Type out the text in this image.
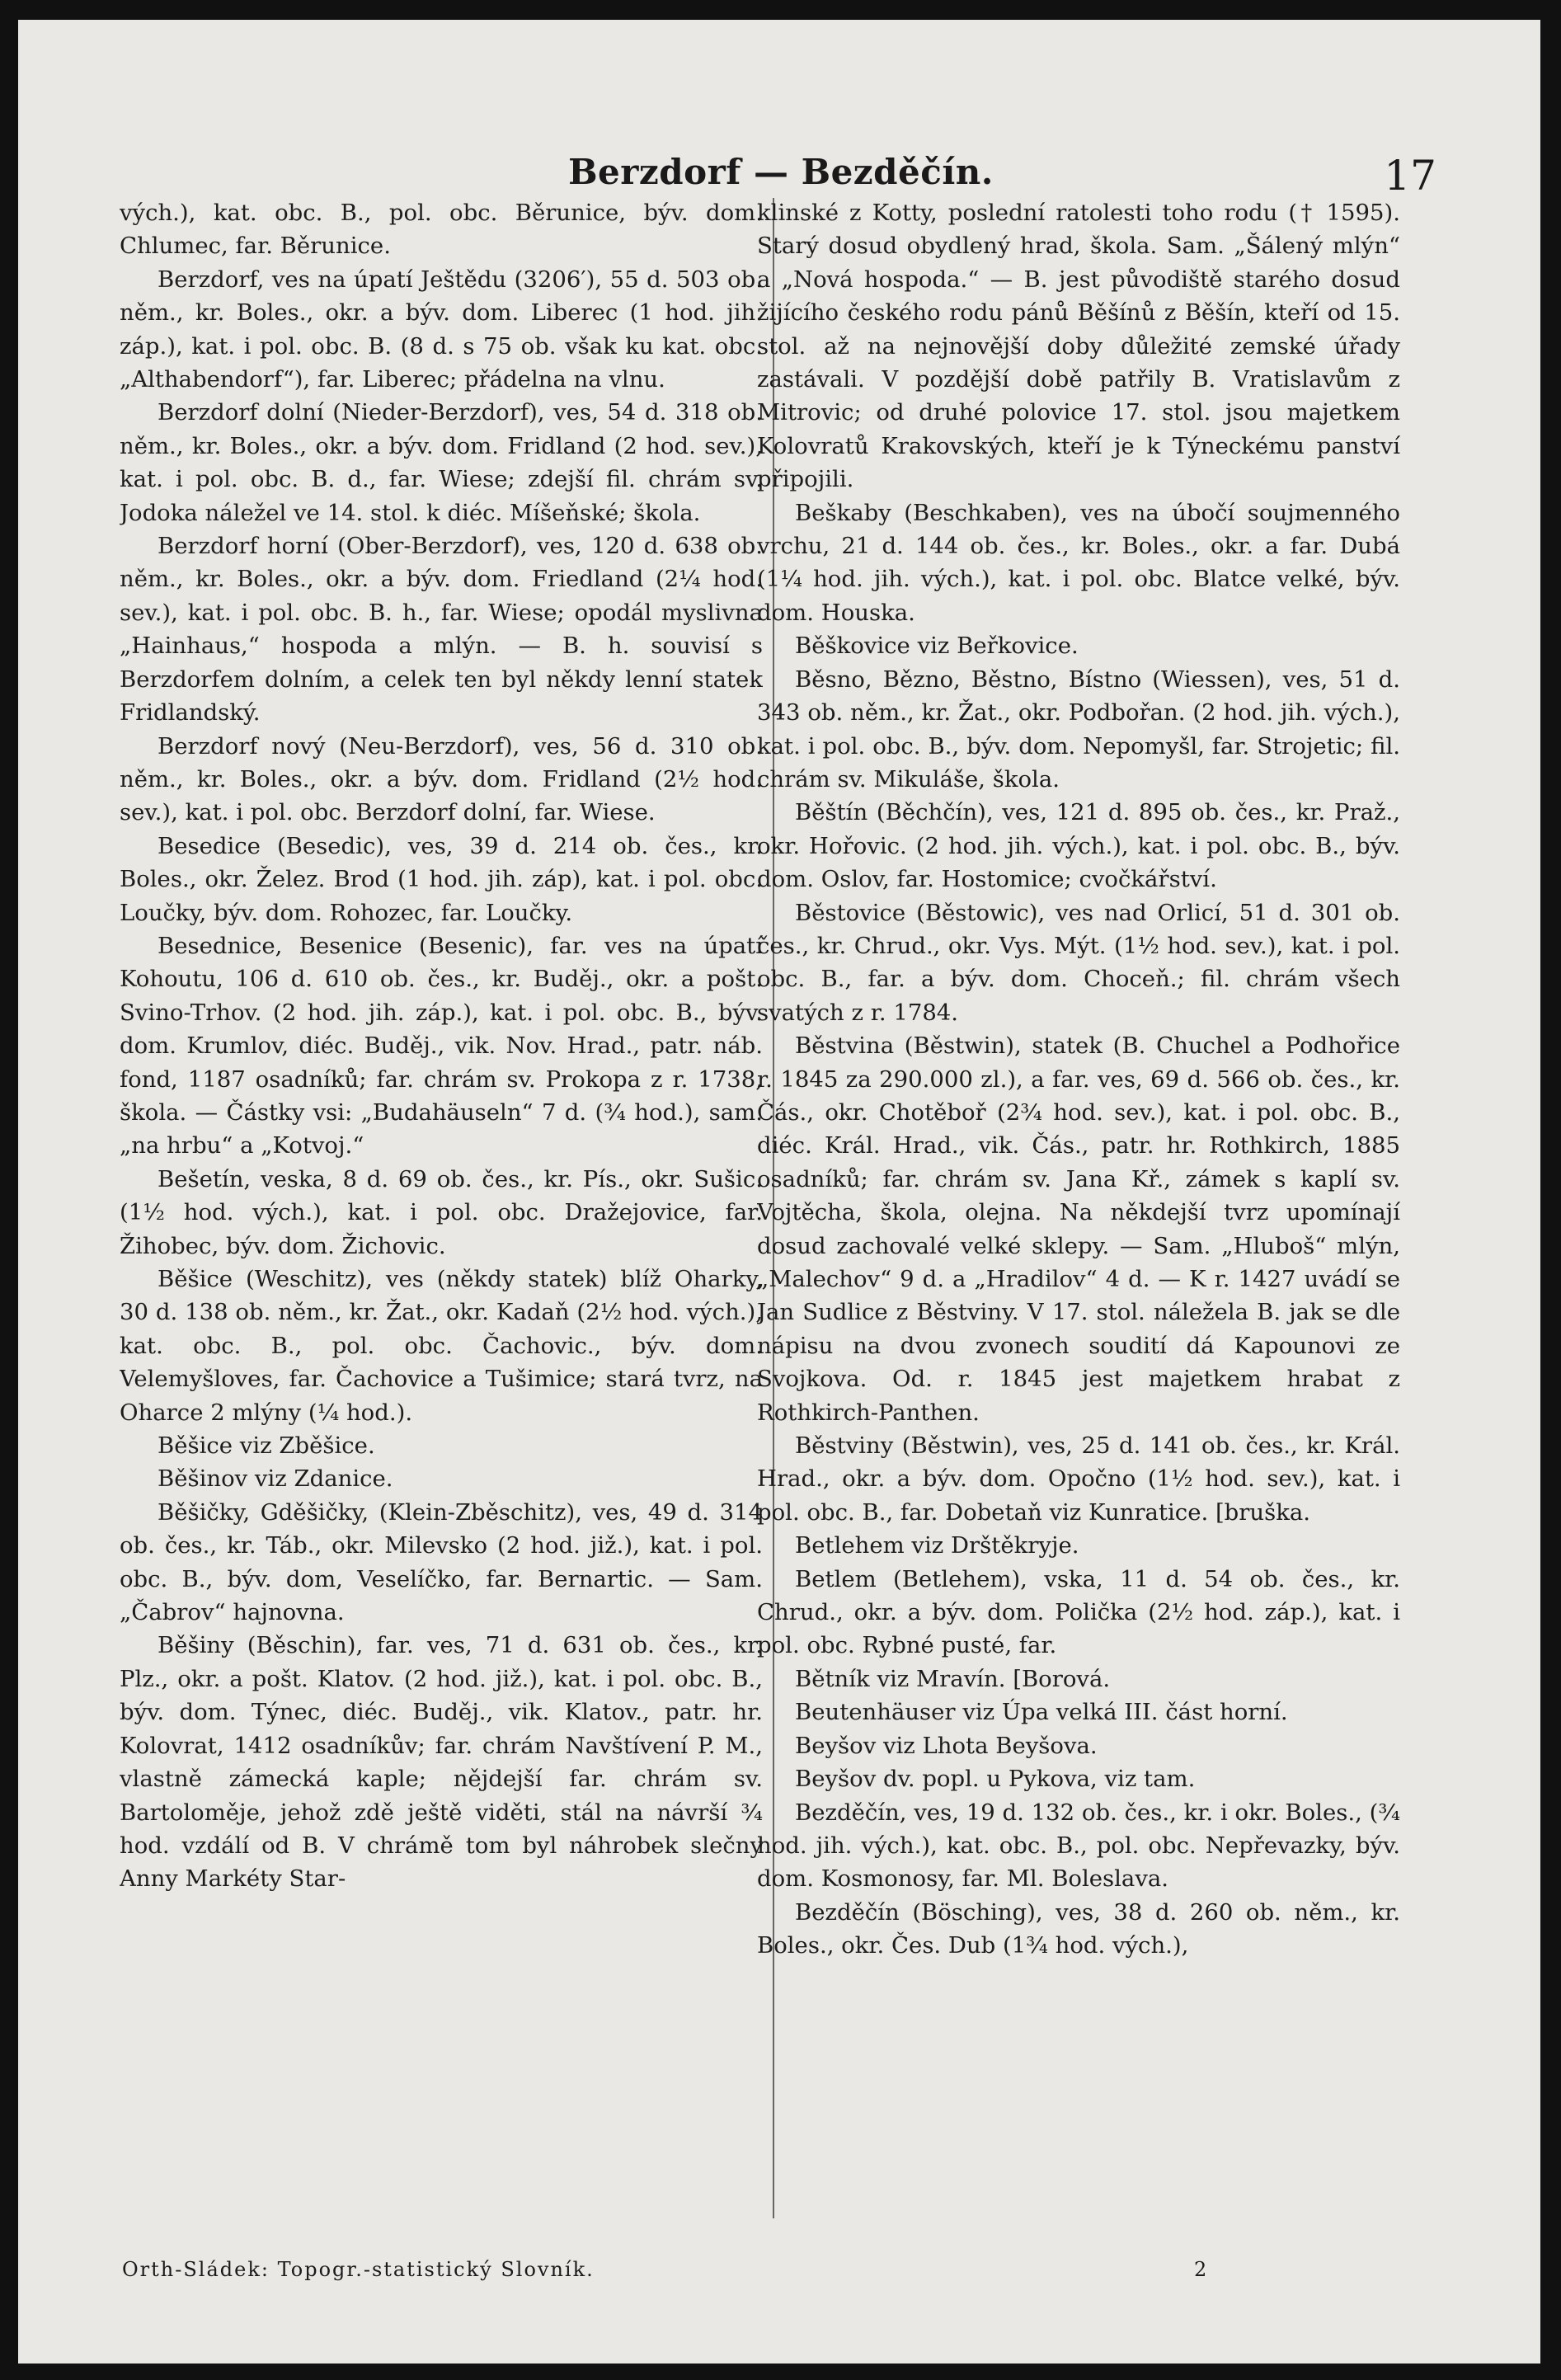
Berzdorf — Bezděčín.	17

vých.), kat. obc. B., pol. obc. Běrunice, býv. dom. Chlumec, far. Běrunice.

Berzdorf, ves na úpatí Ještědu (3206′), 55 d. 503 ob. něm., kr. Boles., okr. a býv. dom. Liberec (1 hod. jih. záp.), kat. i pol. obc. B. (8 d. s 75 ob. však ku kat. obc. „Althabendorf“), far. Liberec; přádelna na vlnu.

Berzdorf dolní (Nieder-Berzdorf), ves, 54 d. 318 ob. něm., kr. Boles., okr. a býv. dom. Fridland (2 hod. sev.), kat. i pol. obc. B. d., far. Wiese; zdejší fil. chrám sv. Jodoka náležel ve 14. stol. k diéc. Míšeňské; škola.

Berzdorf horní (Ober-Berzdorf), ves, 120 d. 638 ob. něm., kr. Boles., okr. a býv. dom. Friedland (2¼ hod. sev.), kat. i pol. obc. B. h., far. Wiese; opodál myslivna „Hainhaus,“ hospoda a mlýn. — B. h. souvisí s Berzdorfem dolním, a celek ten byl někdy lenní statek Fridlandský.

Berzdorf nový (Neu-Berzdorf), ves, 56 d. 310 ob. něm., kr. Boles., okr. a býv. dom. Fridland (2½ hod. sev.), kat. i pol. obc. Berzdorf dolní, far. Wiese.

Besedice (Besedic), ves, 39 d. 214 ob. čes., kr. Boles., okr. Želez. Brod (1 hod. jih. záp), kat. i pol. obc. Loučky, býv. dom. Rohozec, far. Loučky.

Besednice, Besenice (Besenic), far. ves na úpatí Kohoutu, 106 d. 610 ob. čes., kr. Buděj., okr. a pošt. Svino-Trhov. (2 hod. jih. záp.), kat. i pol. obc. B., býv. dom. Krumlov, diéc. Buděj., vik. Nov. Hrad., patr. náb. fond, 1187 osadníků; far. chrám sv. Prokopa z r. 1738, škola. — Částky vsi: „Budahäuseln“ 7 d. (¾ hod.), sam. „na hrbu“ a „Kotvoj.“

Bešetín, veska, 8 d. 69 ob. čes., kr. Pís., okr. Sušic. (1½ hod. vých.), kat. i pol. obc. Dražejovice, far. Žihobec, býv. dom. Žichovic.

Běšice (Weschitz), ves (někdy statek) blíž Oharky, 30 d. 138 ob. něm., kr. Žat., okr. Kadaň (2½ hod. vých.), kat. obc. B., pol. obc. Čachovic., býv. dom. Velemyšloves, far. Čachovice a Tušimice; stará tvrz, na Oharce 2 mlýny (¼ hod.).

Běšice viz Zběšice.

Běšinov viz Zdanice.

Běšičky, Gděšičky, (Klein-Zběschitz), ves, 49 d. 314 ob. čes., kr. Táb., okr. Milevsko (2 hod. již.), kat. i pol. obc. B., býv. dom, Veselíčko, far. Bernartic. — Sam. „Čabrov“ hajnovna.

Běšiny (Běschin), far. ves, 71 d. 631 ob. čes., kr. Plz., okr. a pošt. Klatov. (2 hod. již.), kat. i pol. obc. B., býv. dom. Týnec, diéc. Buděj., vik. Klatov., patr. hr. Kolovrat, 1412 osadníkův; far. chrám Navštívení P. M., vlastně zámecká kaple; nějdejší far. chrám sv. Bartoloměje, jehož zdě ještě viděti, stál na návrší ¾ hod. vzdálí od B. V chrámě tom byl náhrobek slečny Anny Markéty Star-

klinské z Kotty, poslední ratolesti toho rodu († 1595). Starý dosud obydlený hrad, škola. Sam. „Šálený mlýn“ a „Nová hospoda.“ — B. jest původiště starého dosud žijícího českého rodu pánů Běšínů z Běšín, kteří od 15. stol. až na nejnovější doby důležité zemské úřady zastávali. V pozdější době patřily B. Vratislavům z Mitrovic; od druhé polovice 17. stol. jsou majetkem Kolovratů Krakovských, kteří je k Týneckému panství připojili.

Beškaby (Beschkaben), ves na úbočí soujmenného vrchu, 21 d. 144 ob. čes., kr. Boles., okr. a far. Dubá (1¼ hod. jih. vých.), kat. i pol. obc. Blatce velké, býv. dom. Houska.

Běškovice viz Beřkovice.

Běsno, Bězno, Běstno, Bístno (Wiessen), ves, 51 d. 343 ob. něm., kr. Žat., okr. Podbořan. (2 hod. jih. vých.), kat. i pol. obc. B., býv. dom. Nepomyšl, far. Strojetic; fil. chrám sv. Mikuláše, škola.

Běštín (Běchčín), ves, 121 d. 895 ob. čes., kr. Praž., okr. Hořovic. (2 hod. jih. vých.), kat. i pol. obc. B., býv. dom. Oslov, far. Hostomice; cvočkářství.

Běstovice (Běstowic), ves nad Orlicí, 51 d. 301 ob. čes., kr. Chrud., okr. Vys. Mýt. (1½ hod. sev.), kat. i pol. obc. B., far. a býv. dom. Choceň.; fil. chrám všech svatých z r. 1784.

Běstvina (Běstwin), statek (B. Chuchel a Podhořice r. 1845 za 290.000 zl.), a far. ves, 69 d. 566 ob. čes., kr. Čás., okr. Chotěboř (2¾ hod. sev.), kat. i pol. obc. B., diéc. Král. Hrad., vik. Čás., patr. hr. Rothkirch, 1885 osadníků; far. chrám sv. Jana Kř., zámek s kaplí sv. Vojtěcha, škola, olejna. Na někdejší tvrz upomínají dosud zachovalé velké sklepy. — Sam. „Hluboš“ mlýn, „Malechov“ 9 d. a „Hradilov“ 4 d. — K r. 1427 uvádí se Jan Sudlice z Běstviny. V 17. stol. náležela B. jak se dle nápisu na dvou zvonech soudití dá Kapounovi ze Svojkova. Od. r. 1845 jest majetkem hrabat z Rothkirch-Panthen.

Běstviny (Běstwin), ves, 25 d. 141 ob. čes., kr. Král. Hrad., okr. a býv. dom. Opočno (1½ hod. sev.), kat. i pol. obc. B., far. Dobetaň viz Kunratice. [bruška.

Betlehem viz Drštěkryje.

Betlem (Betlehem), vska, 11 d. 54 ob. čes., kr. Chrud., okr. a býv. dom. Polička (2½ hod. záp.), kat. i pol. obc. Rybné pusté, far.

Bětník viz Mravín. [Borová.

Beutenhäuser viz Úpa velká III. část horní.

Beyšov viz Lhota Beyšova.

Beyšov dv. popl. u Pykova, viz tam.

Bezděčín, ves, 19 d. 132 ob. čes., kr. i okr. Boles., (¾ hod. jih. vých.), kat. obc. B., pol. obc. Nepřevazky, býv. dom. Kosmonosy, far. Ml. Boleslava.

Bezděčín (Bösching), ves, 38 d. 260 ob. něm., kr. Boles., okr. Čes. Dub (1¾ hod. vých.),

Orth-Sládek: Topogr.-statistický Slovník.	2
